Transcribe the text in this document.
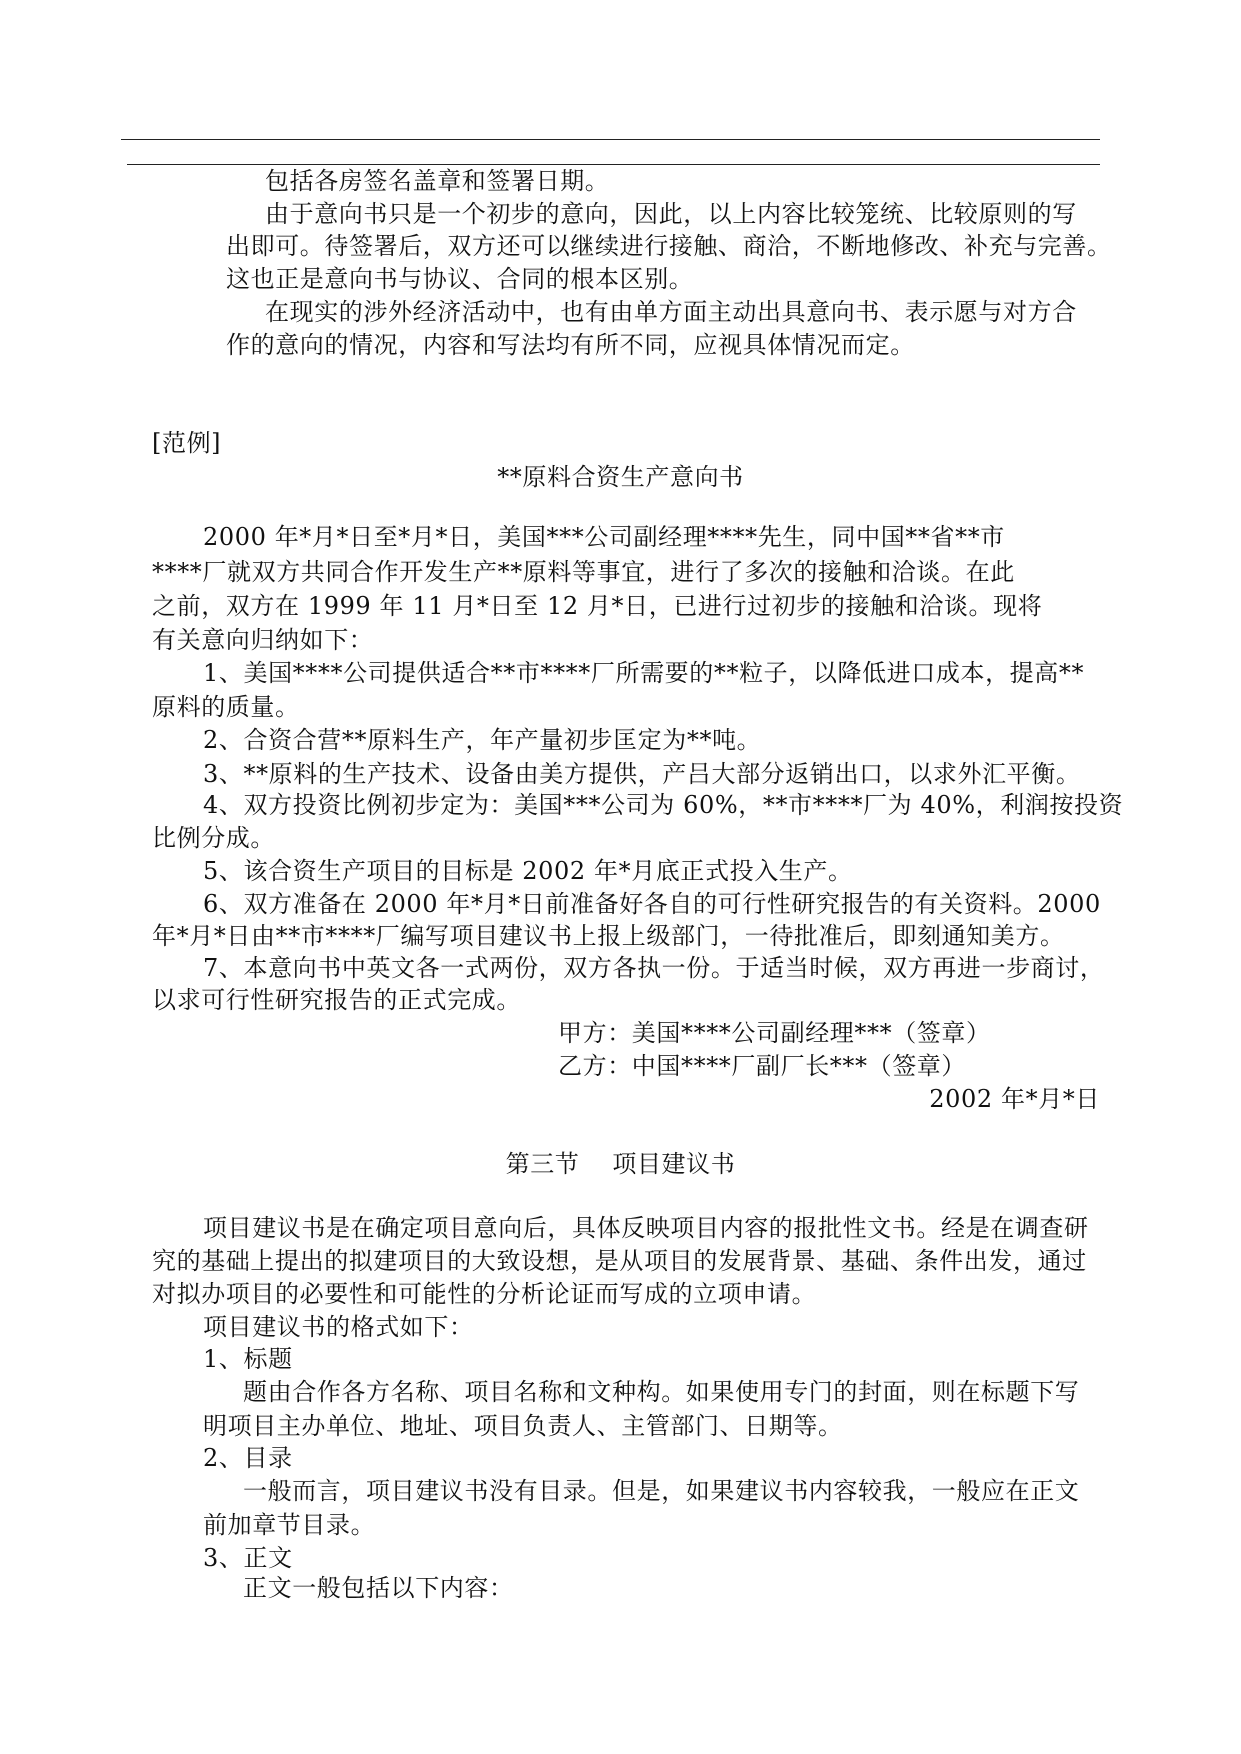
包括各房签名盖章和签署日期。
由于意向书只是一个初步的意向，因此，以上内容比较笼统、比较原则的写
出即可。待签署后，双方还可以继续进行接触、商洽，不断地修改、补充与完善。
这也正是意向书与协议、合同的根本区别。
在现实的涉外经济活动中，也有由单方面主动出具意向书、表示愿与对方合
作的意向的情况，内容和写法均有所不同，应视具体情况而定。
[范例]
**原料合资生产意向书
2000 年*月*日至*月*日，美国***公司副经理****先生，同中国**省**市
****厂就双方共同合作开发生产**原料等事宜，进行了多次的接触和洽谈。在此
之前，双方在 1999 年 11 月*日至 12 月*日，已进行过初步的接触和洽谈。现将
有关意向归纳如下：
1、美国****公司提供适合**市****厂所需要的**粒子，以降低进口成本，提高**
原料的质量。
2、合资合营**原料生产，年产量初步匡定为**吨。
3、**原料的生产技术、设备由美方提供，产吕大部分返销出口，以求外汇平衡。
4、双方投资比例初步定为：美国***公司为 60%，**市****厂为 40%，利润按投资
比例分成。
5、该合资生产项目的目标是 2002 年*月底正式投入生产。
6、双方准备在 2000 年*月*日前准备好各自的可行性研究报告的有关资料。2000
年*月*日由**市****厂编写项目建议书上报上级部门，一待批准后，即刻通知美方。
7、本意向书中英文各一式两份，双方各执一份。于适当时候，双方再进一步商讨，
以求可行性研究报告的正式完成。
甲方：美国****公司副经理***（签章）
乙方：中国****厂副厂长***（签章）
2002 年*月*日
第三节    项目建议书
项目建议书是在确定项目意向后，具体反映项目内容的报批性文书。经是在调查研
究的基础上提出的拟建项目的大致设想，是从项目的发展背景、基础、条件出发，通过
对拟办项目的必要性和可能性的分析论证而写成的立项申请。
项目建议书的格式如下：
1、标题
题由合作各方名称、项目名称和文种构。如果使用专门的封面，则在标题下写
明项目主办单位、地址、项目负责人、主管部门、日期等。
2、目录
一般而言，项目建议书没有目录。但是，如果建议书内容较我，一般应在正文
前加章节目录。
3、正文
正文一般包括以下内容：
